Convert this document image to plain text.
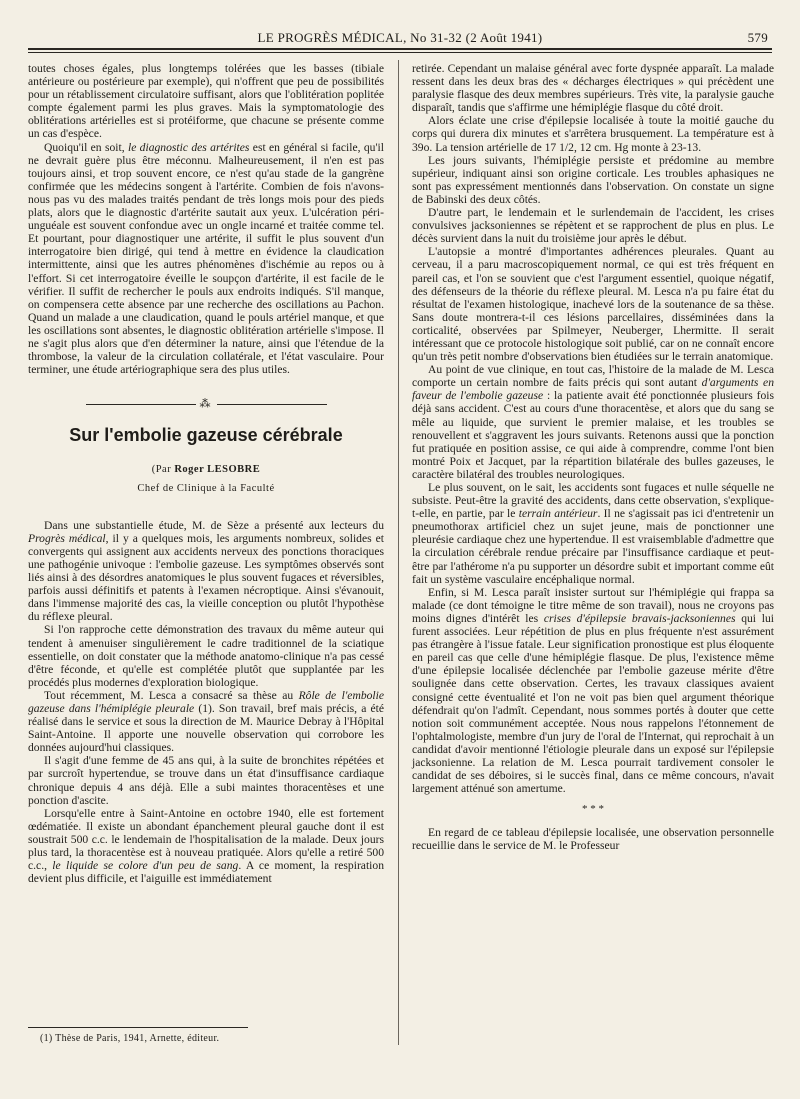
LE PROGRÈS MÉDICAL, No 31-32 (2 Août 1941)	579

toutes choses égales, plus longtemps tolérées que les basses (tibiale antérieure ou postérieure par exemple), qui n'offrent que peu de possibilités pour un rétablissement circulatoire suffisant, alors que l'oblitération poplitée compte également parmi les plus graves. Mais la symptomatologie des oblitérations artérielles est si protéiforme, que chacune se présente comme un cas d'espèce.

Quoiqu'il en soit, le diagnostic des artérites est en général si facile, qu'il ne devrait guère plus être méconnu. Malheureusement, il n'en est pas toujours ainsi, et trop souvent encore, ce n'est qu'au stade de la gangrène confirmée que les médecins songent à l'artérite. Combien de fois n'avons-nous pas vu des malades traités pendant de très longs mois pour des pieds plats, alors que le diagnostic d'artérite sautait aux yeux. L'ulcération péri-unguéale est souvent confondue avec un ongle incarné et traitée comme tel. Et pourtant, pour diagnostiquer une artérite, il suffit le plus souvent d'un interrogatoire bien dirigé, qui tend à mettre en évidence la claudication intermittente, ainsi que les autres phénomènes d'ischémie au repos ou à l'effort. Si cet interrogatoire éveille le soupçon d'artérite, il est facile de le vérifier. Il suffit de rechercher le pouls aux endroits indiqués. S'il manque, on compensera cette absence par une recherche des oscillations au Pachon. Quand un malade a une claudication, quand le pouls artériel manque, et que les oscillations sont absentes, le diagnostic oblitération artérielle s'impose. Il ne s'agit plus alors que d'en déterminer la nature, ainsi que l'étendue de la thrombose, la valeur de la circulation collatérale, et l'état vasculaire. Pour terminer, une étude artériographique sera des plus utiles.

⁂
Sur l'embolie gazeuse cérébrale
(Par Roger LESOBRE
Chef de Clinique à la Faculté

Dans une substantielle étude, M. de Sèze a présenté aux lecteurs du Progrès médical, il y a quelques mois, les arguments nombreux, solides et convergents qui assignent aux accidents nerveux des ponctions thoraciques une pathogénie univoque : l'embolie gazeuse. Les symptômes observés sont liés ainsi à des désordres anatomiques le plus souvent fugaces et réversibles, parfois aussi définitifs et patents à l'examen nécroptique. Ainsi s'évanouit, dans l'immense majorité des cas, la vieille conception ou plutôt l'hypothèse du réflexe pleural.

Si l'on rapproche cette démonstration des travaux du même auteur qui tendent à amenuiser singulièrement le cadre traditionnel de la sciatique essentielle, on doit constater que la méthode anatomo-clinique n'a pas cessé d'être féconde, et qu'elle est complétée plutôt que supplantée par les procédés plus modernes d'exploration biologique.

Tout récemment, M. Lesca a consacré sa thèse au Rôle de l'embolie gazeuse dans l'hémiplégie pleurale (1). Son travail, bref mais précis, a été réalisé dans le service et sous la direction de M. Maurice Debray à l'Hôpital Saint-Antoine. Il apporte une nouvelle observation qui corrobore les données aujourd'hui classiques.

Il s'agit d'une femme de 45 ans qui, à la suite de bronchites répétées et par surcroît hypertendue, se trouve dans un état d'insuffisance cardiaque chronique depuis 4 ans déjà. Elle a subi maintes thoracentèses et une ponction d'ascite.

Lorsqu'elle entre à Saint-Antoine en octobre 1940, elle est fortement œdématiée. Il existe un abondant épanchement pleural gauche dont il est soustrait 500 c.c. le lendemain de l'hospitalisation de la malade. Deux jours plus tard, la thoracentèse est à nouveau pratiquée. Alors qu'elle a retiré 500 c.c., le liquide se colore d'un peu de sang. A ce moment, la respiration devient plus difficile, et l'aiguille est immédiatement

retirée. Cependant un malaise général avec forte dyspnée apparaît. La malade ressent dans les deux bras des « décharges électriques » qui précèdent une paralysie flasque des deux membres supérieurs. Très vite, la paralysie gauche disparaît, tandis que s'affirme une hémiplégie flasque du côté droit.

Alors éclate une crise d'épilepsie localisée à toute la moitié gauche du corps qui durera dix minutes et s'arrêtera brusquement. La température est à 39o. La tension artérielle de 17 1/2, 12 cm. Hg monte à 23-13.

Les jours suivants, l'hémiplégie persiste et prédomine au membre supérieur, indiquant ainsi son origine corticale. Les troubles aphasiques ne sont pas expressément mentionnés dans l'observation. On constate un signe de Babinski des deux côtés.

D'autre part, le lendemain et le surlendemain de l'accident, les crises convulsives jacksoniennes se répètent et se rapprochent de plus en plus. Le décès survient dans la nuit du troisième jour après le début.

L'autopsie a montré d'importantes adhérences pleurales. Quant au cerveau, il a paru macroscopiquement normal, ce qui est très fréquent en pareil cas, et l'on se souvient que c'est l'argument essentiel, quoique négatif, des défenseurs de la théorie du réflexe pleural. M. Lesca n'a pu faire état du résultat de l'examen histologique, inachevé lors de la soutenance de sa thèse. Sans doute montrera-t-il ces lésions parcellaires, disséminées dans la corticalité, observées par Spilmeyer, Neuberger, Lhermitte. Il serait intéressant que ce protocole histologique soit publié, car on ne connaît encore qu'un très petit nombre d'observations bien étudiées sur le terrain anatomique.

Au point de vue clinique, en tout cas, l'histoire de la malade de M. Lesca comporte un certain nombre de faits précis qui sont autant d'arguments en faveur de l'embolie gazeuse : la patiente avait été ponctionnée plusieurs fois déjà sans accident. C'est au cours d'une thoracentèse, et alors que du sang se mêle au liquide, que survient le premier malaise, et les troubles se renouvellent et s'aggravent les jours suivants. Retenons aussi que la ponction fut pratiquée en position assise, ce qui aide à comprendre, comme l'ont bien montré Poix et Jacquet, par la répartition bilatérale des bulles gazeuses, le caractère bilatéral des troubles neurologiques.

Le plus souvent, on le sait, les accidents sont fugaces et nulle séquelle ne subsiste. Peut-être la gravité des accidents, dans cette observation, s'explique-t-elle, en partie, par le terrain antérieur. Il ne s'agissait pas ici d'entretenir un pneumothorax artificiel chez un sujet jeune, mais de ponctionner une pleurésie cardiaque chez une hypertendue. Il est vraisemblable d'admettre que la circulation cérébrale rendue précaire par l'insuffisance cardiaque et peut-être par l'athérome n'a pu supporter un désordre subit et important comme eût fait un système vasculaire encéphalique normal.

Enfin, si M. Lesca paraît insister surtout sur l'hémiplégie qui frappa sa malade (ce dont témoigne le titre même de son travail), nous ne croyons pas moins dignes d'intérêt les crises d'épilepsie bravais-jacksoniennes qui lui furent associées. Leur répétition de plus en plus fréquente n'est assurément pas étrangère à l'issue fatale. Leur signification pronostique est plus éloquente en pareil cas que celle d'une hémiplégie flasque. De plus, l'existence même d'une épilepsie localisée déclenchée par l'embolie gazeuse mérite d'être soulignée dans cette observation. Certes, les travaux classiques avaient consigné cette éventualité et l'on ne voit pas bien quel argument théorique défendrait qu'on l'admît. Cependant, nous sommes portés à douter que cette notion soit communément acceptée. Nous nous rappelons l'étonnement de l'ophtalmologiste, membre d'un jury de l'oral de l'Internat, qui reprochait à un candidat d'avoir mentionné l'étiologie pleurale dans un exposé sur l'épilepsie jacksonienne. La relation de M. Lesca pourrait tardivement consoler le candidat de ses déboires, si le succès final, dans ce même concours, n'avait largement atténué son amertume.

* * *

En regard de ce tableau d'épilepsie localisée, une observation personnelle recueillie dans le service de M. le Professeur

(1) Thèse de Paris, 1941, Arnette, éditeur.
